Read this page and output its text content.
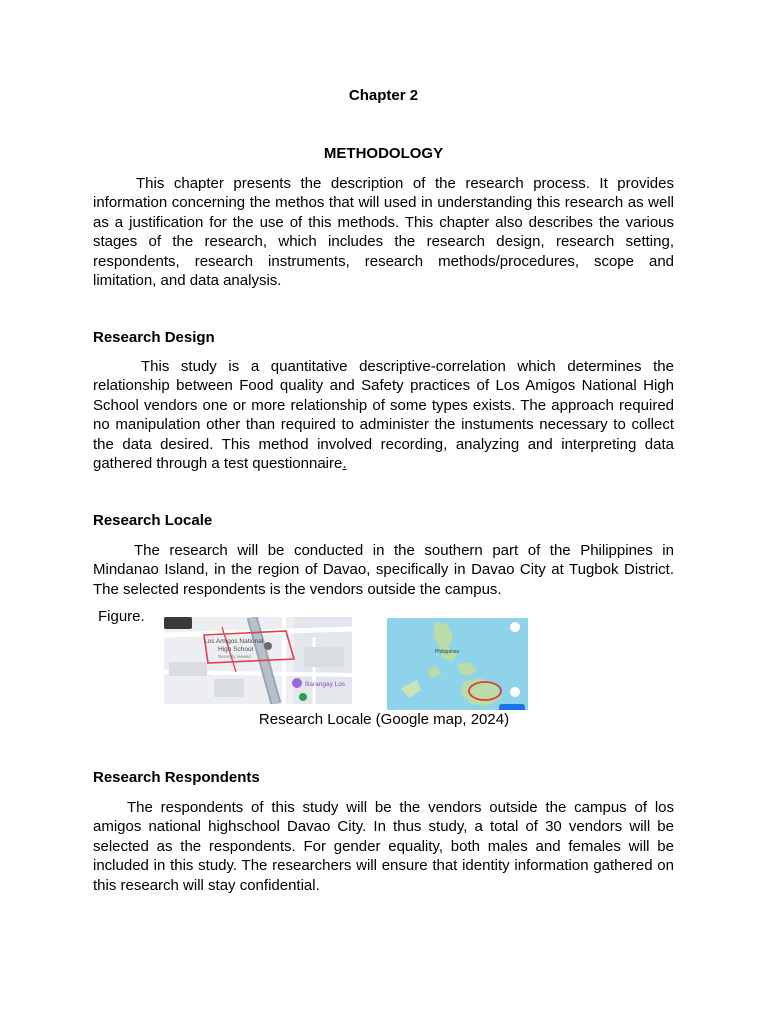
Chapter 2
METHODOLOGY

This chapter presents the description of the research process. It provides information concerning the methos that will used in understanding this research as well as a justification for the use of this methods. This chapter also describes the various stages of the research, which includes the research design, research setting, respondents, research instruments, research methods/procedures, scope and limitation, and data analysis.

Research Design

This study is a quantitative descriptive-correlation which determines the relationship between Food quality and Safety practices of Los Amigos National High School vendors one or more relationship of some types exists. The approach required no manipulation other than required to administer the instuments necessary to collect the data desired. This method involved recording, analyzing and interpreting data gathered through a test questionnaire.

Research Locale

The research will be conducted in the southern part of the Philippines in Mindanao Island, in the region of Davao, specifically in Davao City at Tugbok District. The selected respondents is the vendors outside the campus.

Research Respondents

The respondents of this study will be the vendors outside the campus of los amigos national highschool Davao City. In thus study, a total of 30 vendors will be selected as the respondents. For gender equality, both males and females will be included in this study. The researchers will ensure that identity information gathered on this research will stay confidential.

Figure.
Los Amigos National
High School
Recently viewed
Barangay Los
Philippines
Research Locale (Google map, 2024)
